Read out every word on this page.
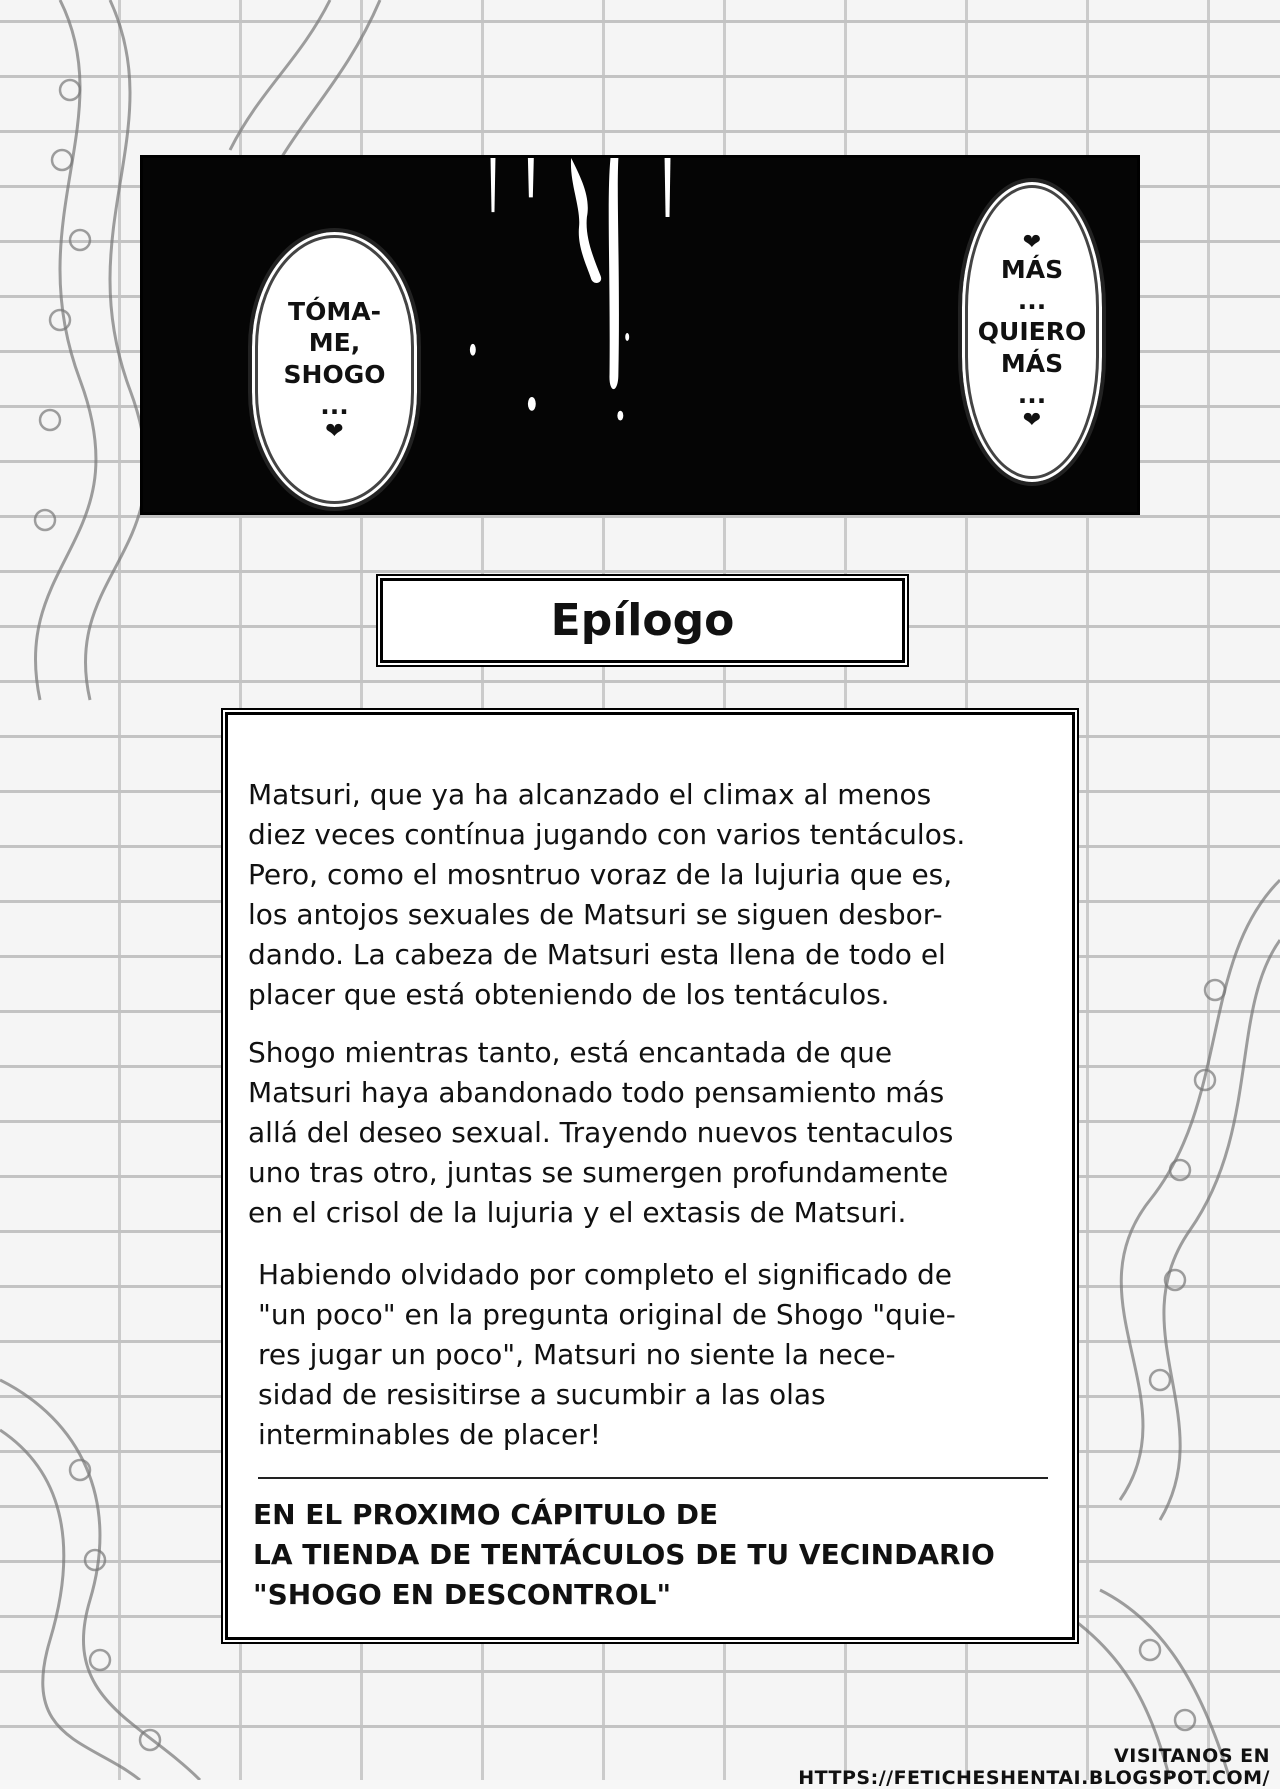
TÓMA-
ME,
SHOGO
...
❤
❤
MÁS
...
QUIERO
MÁS
...
❤
Epílogo
Matsuri, que ya ha alcanzado el climax al menos
diez veces contínua jugando con varios tentáculos.
Pero, como el mosntruo voraz de la lujuria que es,
los antojos sexuales de Matsuri se siguen desbor-
dando. La cabeza de Matsuri esta llena de todo el
placer que está obteniendo de los tentáculos.
Shogo mientras tanto, está encantada de que
Matsuri haya abandonado todo pensamiento más
allá del deseo sexual. Trayendo nuevos tentaculos
uno tras otro, juntas se sumergen profundamente
en el crisol de la lujuria y el extasis de Matsuri.
Habiendo olvidado por completo el significado de
"un poco" en la pregunta original de Shogo "quie-
res jugar un poco", Matsuri no siente la nece-
sidad de resisitirse a sucumbir a las olas
interminables de placer!
EN EL PROXIMO CÁPITULO DE
LA TIENDA DE TENTÁCULOS DE TU VECINDARIO
"SHOGO EN DESCONTROL"
VISITANOS EN HTTPS://FETICHESHENTAI.BLOGSPOT.COM/
